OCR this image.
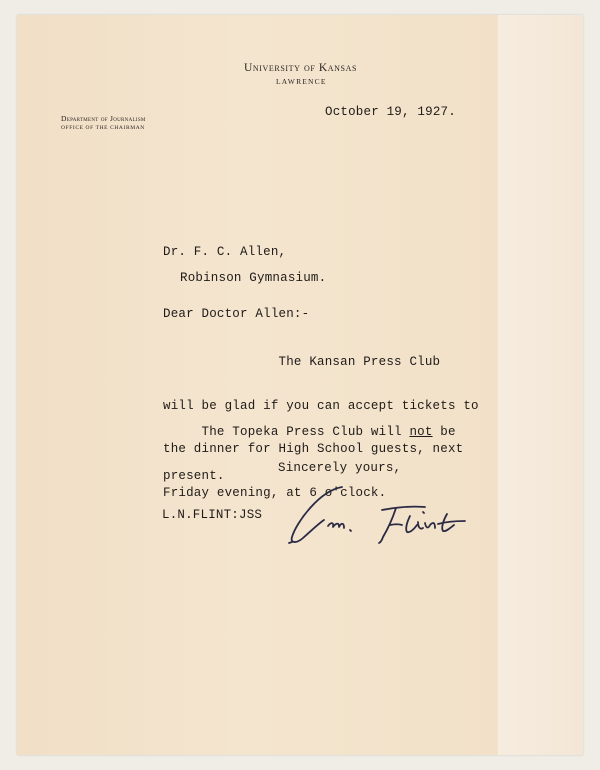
University of Kansas
LAWRENCE
Department of Journalism
OFFICE OF THE CHAIRMAN
October 19, 1927.
Dr. F. C. Allen,
Robinson Gymnasium.
Dear Doctor Allen:-

The Kansan Press Club

will be glad if you can accept tickets to

the dinner for High School guests, next

Friday evening, at 6 o'clock.

The Topeka Press Club will not be

present.

Sincerely yours,
L.N.FLINT:JSS
